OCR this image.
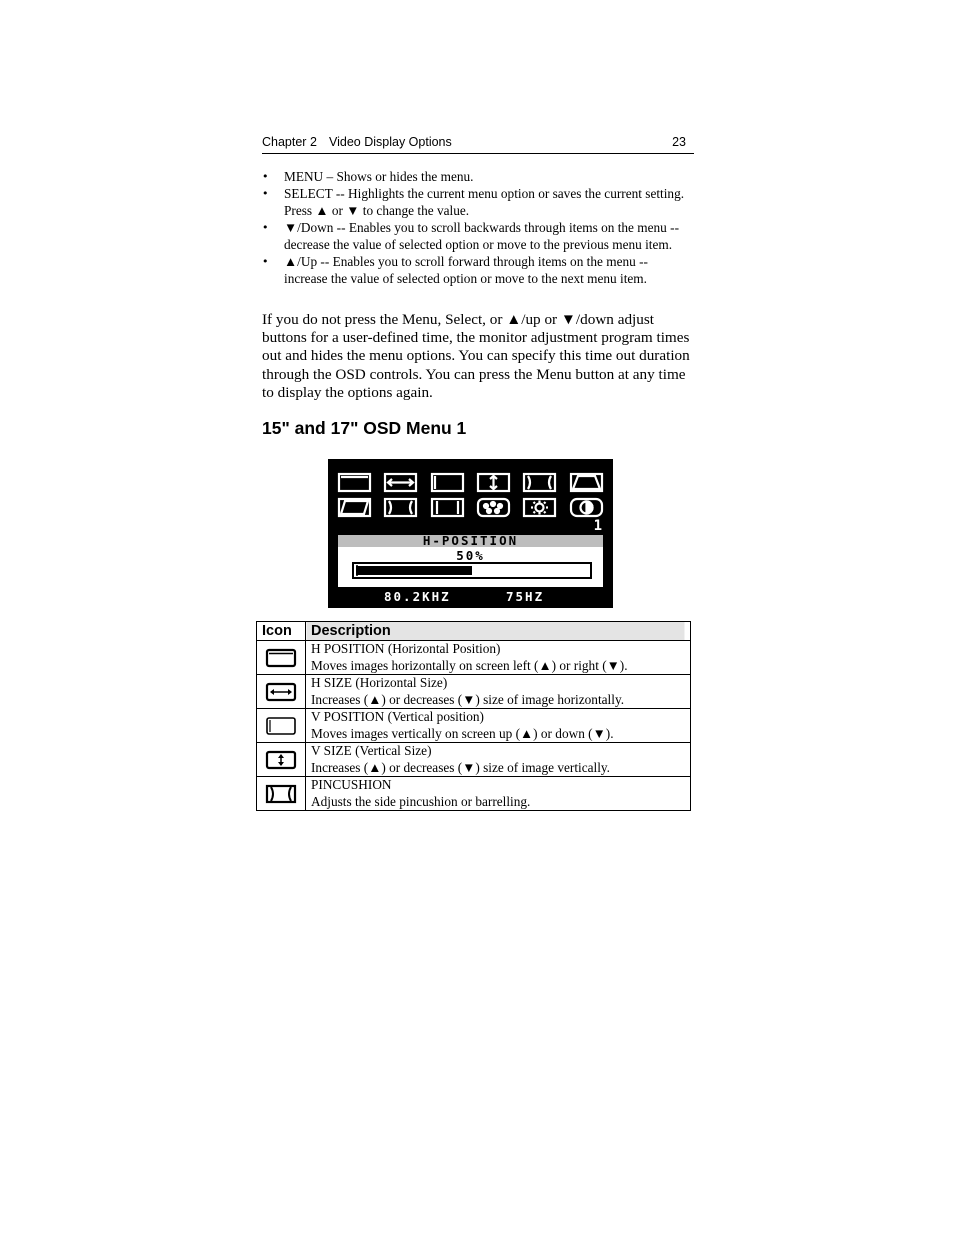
Chapter 2 Video Display Options	23
• MENU – Shows or hides the menu.
• SELECT -- Highlights the current menu option or saves the current setting. Press ▲ or ▼ to change the value.
• ▼/Down -- Enables you to scroll backwards through items on the menu -- decrease the value of selected option or move to the previous menu item.
• ▲/Up -- Enables you to scroll forward through items on the menu -- increase the value of selected option or move to the next menu item.

If you do not press the Menu, Select, or ▲/up or ▼/down adjust buttons for a user-defined time, the monitor adjustment program times out and hides the menu options. You can specify this time out duration through the OSD controls. You can press the Menu button at any time to display the options again.

15" and 17" OSD Menu 1
1
H-POSITION
50%
80.2KHZ	75HZ
Icon	Description

H POSITION (Horizontal Position)
Moves images horizontally on screen left (▲) or right (▼).

H SIZE (Horizontal Size)
Increases (▲) or decreases (▼) size of image horizontally.

V POSITION (Vertical position)
Moves images vertically on screen up (▲) or down (▼).

V SIZE (Vertical Size)
Increases (▲) or decreases (▼) size of image vertically.

PINCUSHION
Adjusts the side pincushion or barrelling.
